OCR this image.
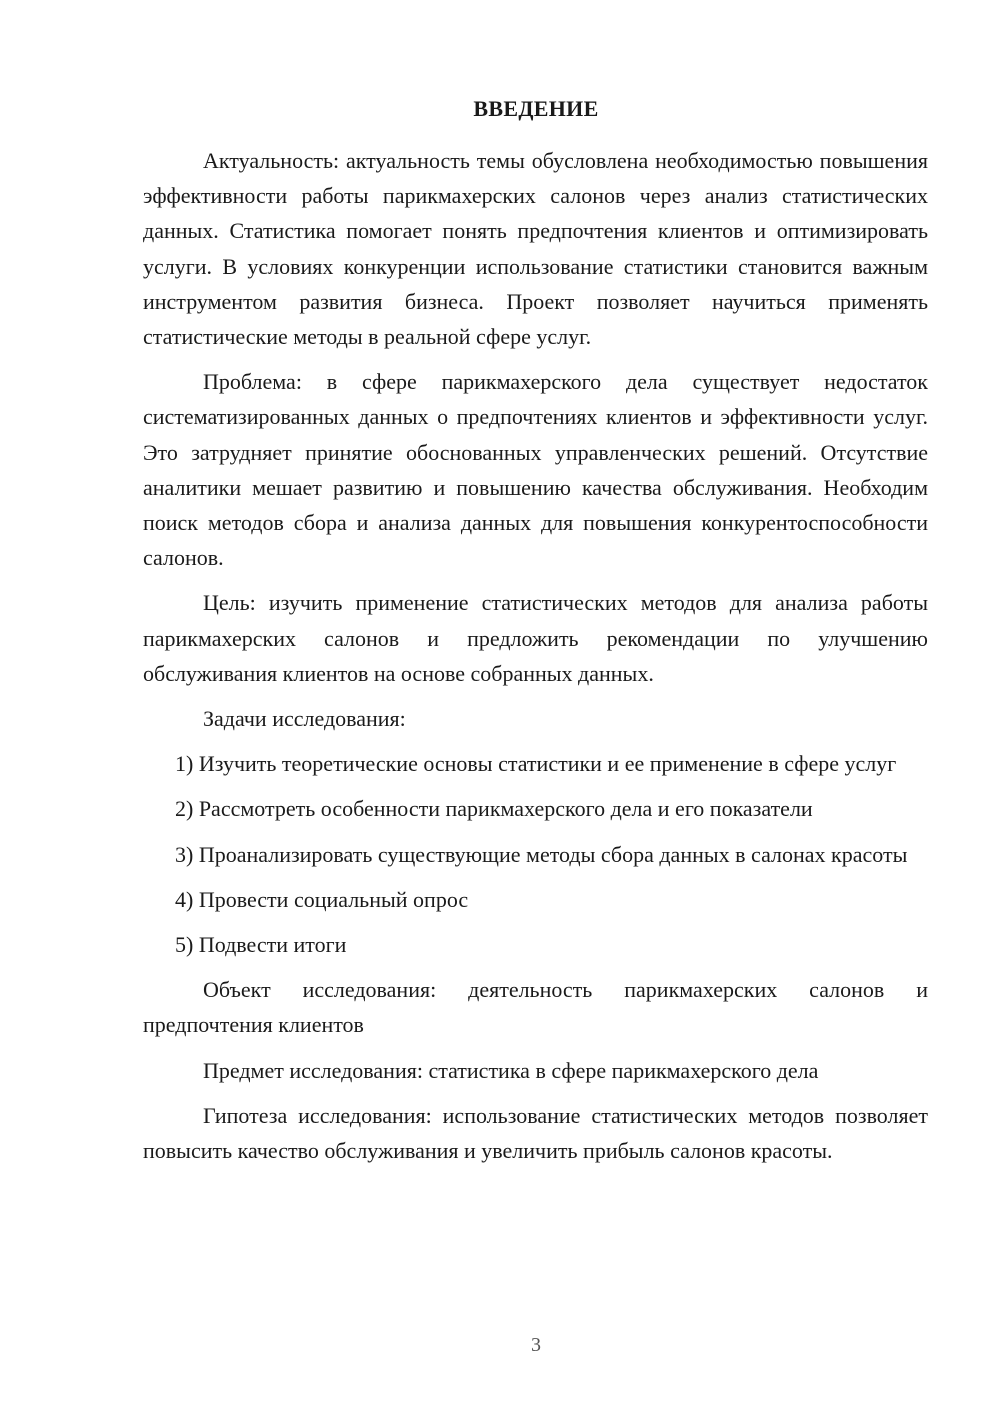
ВВЕДЕНИЕ

Актуальность: актуальность темы обусловлена необходимостью повышения эффективности работы парикмахерских салонов через анализ статистических данных. Статистика помогает понять предпочтения клиентов и оптимизировать услуги. В условиях конкуренции использование статистики становится важным инструментом развития бизнеса. Проект позволяет научиться применять статистические методы в реальной сфере услуг.

Проблема: в сфере парикмахерского дела существует недостаток систематизированных данных о предпочтениях клиентов и эффективности услуг. Это затрудняет принятие обоснованных управленческих решений. Отсутствие аналитики мешает развитию и повышению качества обслуживания. Необходим поиск методов сбора и анализа данных для повышения конкурентоспособности салонов.

Цель: изучить применение статистических методов для анализа работы парикмахерских салонов и предложить рекомендации по улучшению обслуживания клиентов на основе собранных данных.

Задачи исследования:

1) Изучить теоретические основы статистики и ее применение в сфере услуг

2) Рассмотреть особенности парикмахерского дела и его показатели

3) Проанализировать существующие методы сбора данных в салонах красоты

4) Провести социальный опрос

5) Подвести итоги

Объект исследования: деятельность парикмахерских салонов и предпочтения клиентов

Предмет исследования: статистика в сфере парикмахерского дела

Гипотеза исследования: использование статистических методов позволяет повысить качество обслуживания и увеличить прибыль салонов красоты.

3
